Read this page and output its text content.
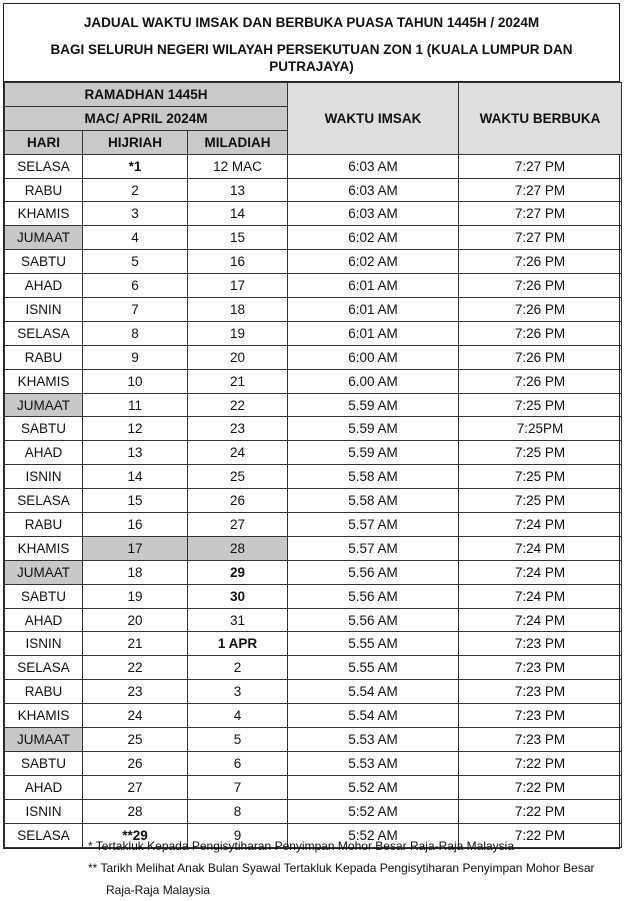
JADUAL WAKTU IMSAK DAN BERBUKA PUASA TAHUN 1445H / 2024M
BAGI SELURUH NEGERI WILAYAH PERSEKUTUAN ZON 1 (KUALA LUMPUR DAN PUTRAJAYA)
RAMADHAN 1445H			WAKTU IMSAK	WAKTU BERBUKA
MAC/ APRIL 2024M				
HARI	HIJRIAH	MILADIAH		
SELASA	*1	12 MAC	6:03 AM	7:27 PM
RABU	2	13	6:03 AM	7:27 PM
KHAMIS	3	14	6:03 AM	7:27 PM
JUMAAT	4	15	6:02 AM	7:27 PM
SABTU	5	16	6:02 AM	7:26 PM
AHAD	6	17	6:01 AM	7:26 PM
ISNIN	7	18	6:01 AM	7:26 PM
SELASA	8	19	6:01 AM	7:26 PM
RABU	9	20	6:00 AM	7:26 PM
KHAMIS	10	21	6.00 AM	7:26 PM
JUMAAT	11	22	5.59 AM	7:25 PM
SABTU	12	23	5.59 AM	7:25PM
AHAD	13	24	5.59 AM	7:25 PM
ISNIN	14	25	5.58 AM	7:25 PM
SELASA	15	26	5.58 AM	7:25 PM
RABU	16	27	5.57 AM	7:24 PM
KHAMIS	17	28	5.57 AM	7:24 PM
JUMAAT	18	29	5.56 AM	7:24 PM
SABTU	19	30	5.56 AM	7:24 PM
AHAD	20	31	5.56 AM	7:24 PM
ISNIN	21	1 APR	5.55 AM	7:23 PM
SELASA	22	2	5.55 AM	7:23 PM
RABU	23	3	5.54 AM	7:23 PM
KHAMIS	24	4	5.54 AM	7:23 PM
JUMAAT	25	5	5.53 AM	7:23 PM
SABTU	26	6	5.53 AM	7:22 PM
AHAD	27	7	5.52 AM	7:22 PM
ISNIN	28	8	5:52 AM	7:22 PM
SELASA	**29	9	5:52 AM	7:22 PM
* Tertakluk Kepada Pengisytiharan Penyimpan Mohor Besar Raja-Raja Malaysia
** Tarikh Melihat Anak Bulan Syawal Tertakluk Kepada Pengisytiharan Penyimpan Mohor Besar
Raja-Raja Malaysia
